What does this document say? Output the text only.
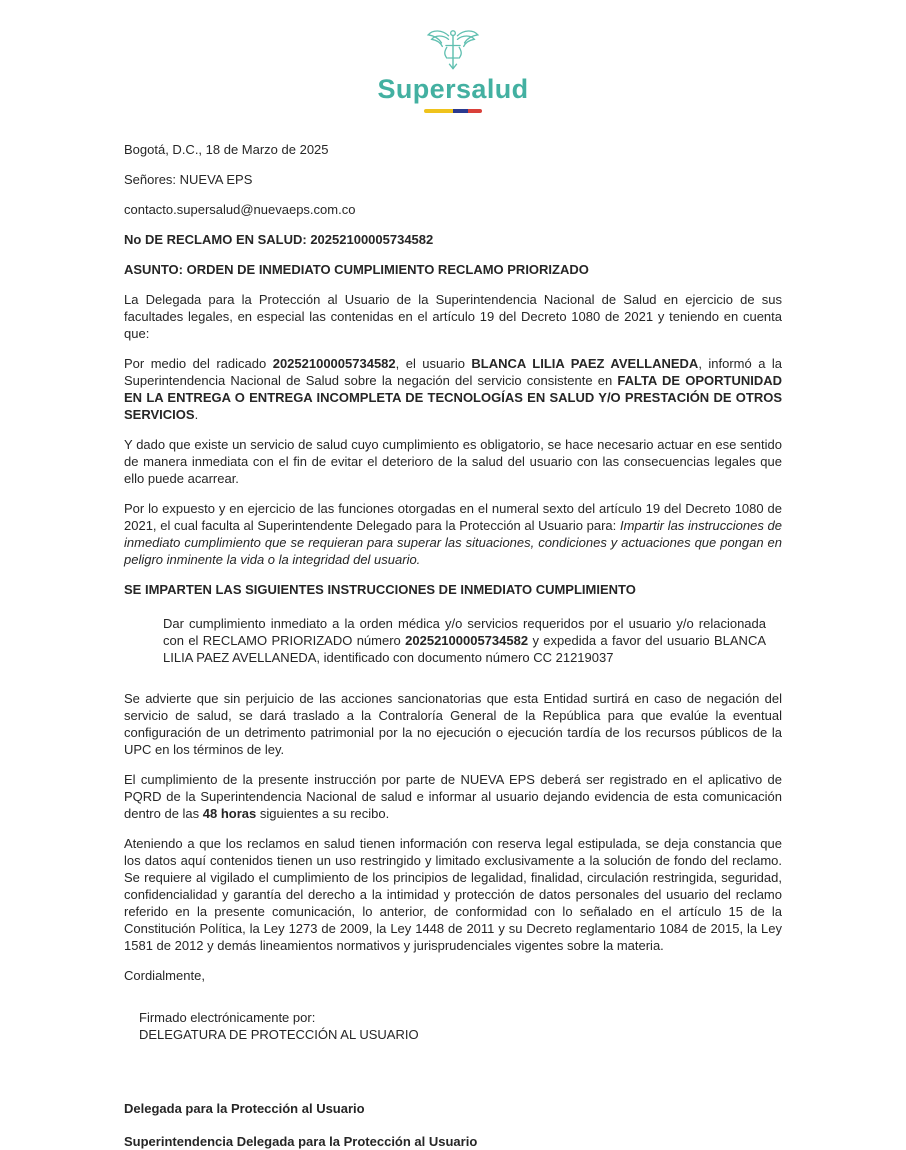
Supersalud
Bogotá, D.C., 18 de Marzo de 2025
Señores: NUEVA EPS
contacto.supersalud@nuevaeps.com.co
No DE RECLAMO EN SALUD: 20252100005734582
ASUNTO: ORDEN DE INMEDIATO CUMPLIMIENTO RECLAMO PRIORIZADO

La Delegada para la Protección al Usuario de la Superintendencia Nacional de Salud en ejercicio de sus facultades legales, en especial las contenidas en el artículo 19 del Decreto 1080 de 2021 y teniendo en cuenta que:

Por medio del radicado 20252100005734582, el usuario BLANCA LILIA PAEZ AVELLANEDA, informó a la Superintendencia Nacional de Salud sobre la negación del servicio consistente en FALTA DE OPORTUNIDAD EN LA ENTREGA O ENTREGA INCOMPLETA DE TECNOLOGÍAS EN SALUD Y/O PRESTACIÓN DE OTROS SERVICIOS.

Y dado que existe un servicio de salud cuyo cumplimiento es obligatorio, se hace necesario actuar en ese sentido de manera inmediata con el fin de evitar el deterioro de la salud del usuario con las consecuencias legales que ello puede acarrear.

Por lo expuesto y en ejercicio de las funciones otorgadas en el numeral sexto del artículo 19 del Decreto 1080 de 2021, el cual faculta al Superintendente Delegado para la Protección al Usuario para: Impartir las instrucciones de inmediato cumplimiento que se requieran para superar las situaciones, condiciones y actuaciones que pongan en peligro inminente la vida o la integridad del usuario.

SE IMPARTEN LAS SIGUIENTES INSTRUCCIONES DE INMEDIATO CUMPLIMIENTO
Dar cumplimiento inmediato a la orden médica y/o servicios requeridos por el usuario y/o relacionada con el RECLAMO PRIORIZADO número 20252100005734582 y expedida a favor del usuario BLANCA LILIA PAEZ AVELLANEDA, identificado con documento número CC 21219037

Se advierte que sin perjuicio de las acciones sancionatorias que esta Entidad surtirá en caso de negación del servicio de salud, se dará traslado a la Contraloría General de la República para que evalúe la eventual configuración de un detrimento patrimonial por la no ejecución o ejecución tardía de los recursos públicos de la UPC en los términos de ley.

El cumplimiento de la presente instrucción por parte de NUEVA EPS deberá ser registrado en el aplicativo de PQRD de la Superintendencia Nacional de salud e informar al usuario dejando evidencia de esta comunicación dentro de las 48 horas siguientes a su recibo.

Ateniendo a que los reclamos en salud tienen información con reserva legal estipulada, se deja constancia que los datos aquí contenidos tienen un uso restringido y limitado exclusivamente a la solución de fondo del reclamo. Se requiere al vigilado el cumplimiento de los principios de legalidad, finalidad, circulación restringida, seguridad, confidencialidad y garantía del derecho a la intimidad y protección de datos personales del usuario del reclamo referido en la presente comunicación, lo anterior, de conformidad con lo señalado en el artículo 15 de la Constitución Política, la Ley 1273 de 2009, la Ley 1448 de 2011 y su Decreto reglamentario 1084 de 2015, la Ley 1581 de 2012 y demás lineamientos normativos y jurisprudenciales vigentes sobre la materia.

Cordialmente,
Firmado electrónicamente por:
DELEGATURA DE PROTECCIÓN AL USUARIO
Delegada para la Protección al Usuario
Superintendencia Delegada para la Protección al Usuario
